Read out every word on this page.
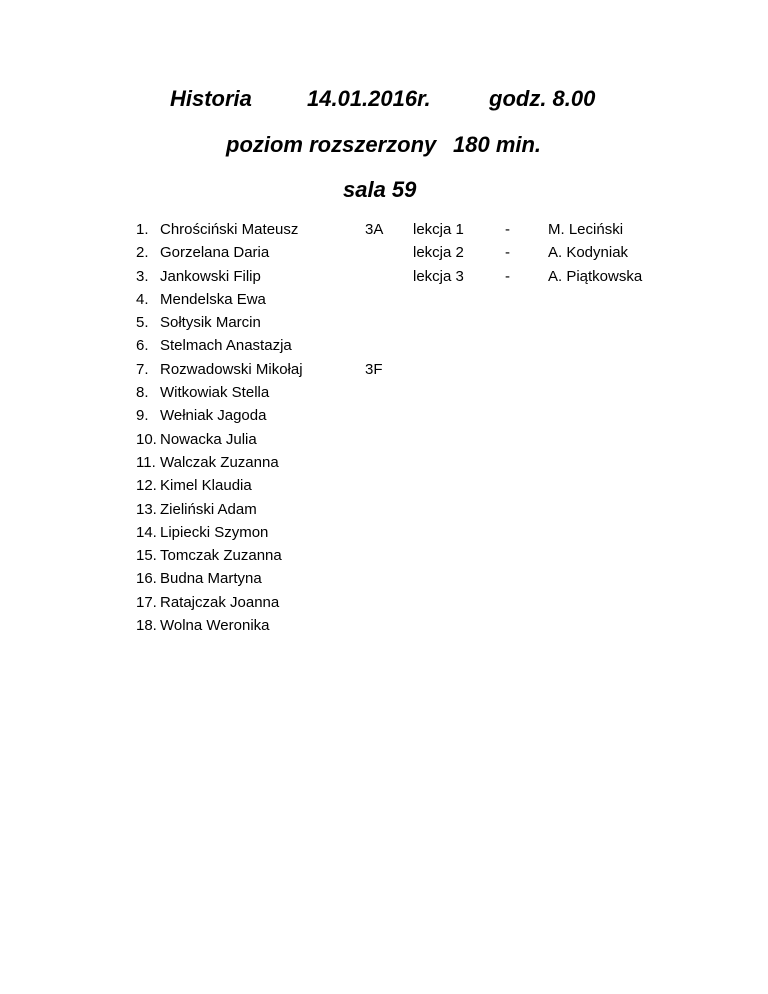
Historia	14.01.2016r.	godz. 8.00
poziom rozszerzony 180 min.
sala 59
1. Chrościński Mateusz
2. Gorzelana Daria
3. Jankowski Filip
4. Mendelska Ewa
5. Sołtysik Marcin
6. Stelmach Anastazja
7. Rozwadowski Mikołaj
8. Witkowiak Stella
9. Wełniak Jagoda
10. Nowacka Julia
11. Walczak Zuzanna
12. Kimel Klaudia
13. Zieliński Adam
14. Lipiecki Szymon
15. Tomczak Zuzanna
16. Budna Martyna
17. Ratajczak Joanna
18. Wolna Weronika
3A
3F
lekcja 1
lekcja 2
lekcja 3
-
-
-
M. Leciński
A. Kodyniak
A. Piątkowska
